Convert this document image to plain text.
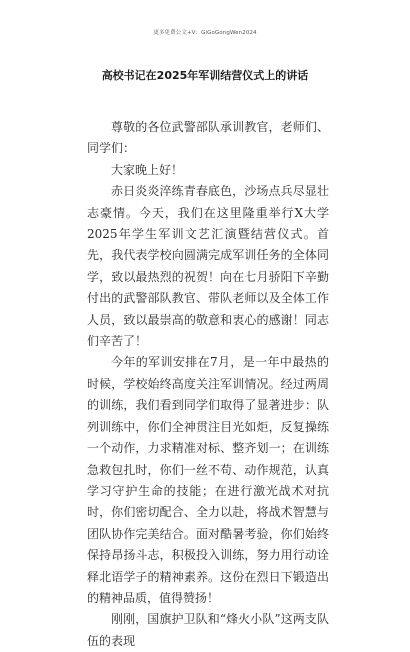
更多免费公文+V：GiGoGongWen2024
高校书记在2025年军训结营仪式上的讲话

尊敬的各位武警部队承训教官，老师们、同学们：

大家晚上好！

赤日炎炎淬练青春底色，沙场点兵尽显壮志豪情。今天，我们在这里隆重举行X大学2025年学生军训文艺汇演暨结营仪式。首先，我代表学校向圆满完成军训任务的全体同学，致以最热烈的祝贺！向在七月骄阳下辛勤付出的武警部队教官、带队老师以及全体工作人员，致以最崇高的敬意和衷心的感谢！同志们辛苦了！

今年的军训安排在7月，是一年中最热的时候，学校始终高度关注军训情况。经过两周的训练，我们看到同学们取得了显著进步：队列训练中，你们全神贯注目光如炬，反复操练一个动作，力求精准对标、整齐划一；在训练急救包扎时，你们一丝不苟、动作规范，认真学习守护生命的技能；在进行激光战术对抗时，你们密切配合、全力以赴，将战术智慧与团队协作完美结合。面对酷暑考验，你们始终保持昂扬斗志，积极投入训练，努力用行动诠释北语学子的精神素养。这份在烈日下锻造出的精神品质，值得赞扬！

刚刚，国旗护卫队和“烽火小队”这两支队伍的表现
